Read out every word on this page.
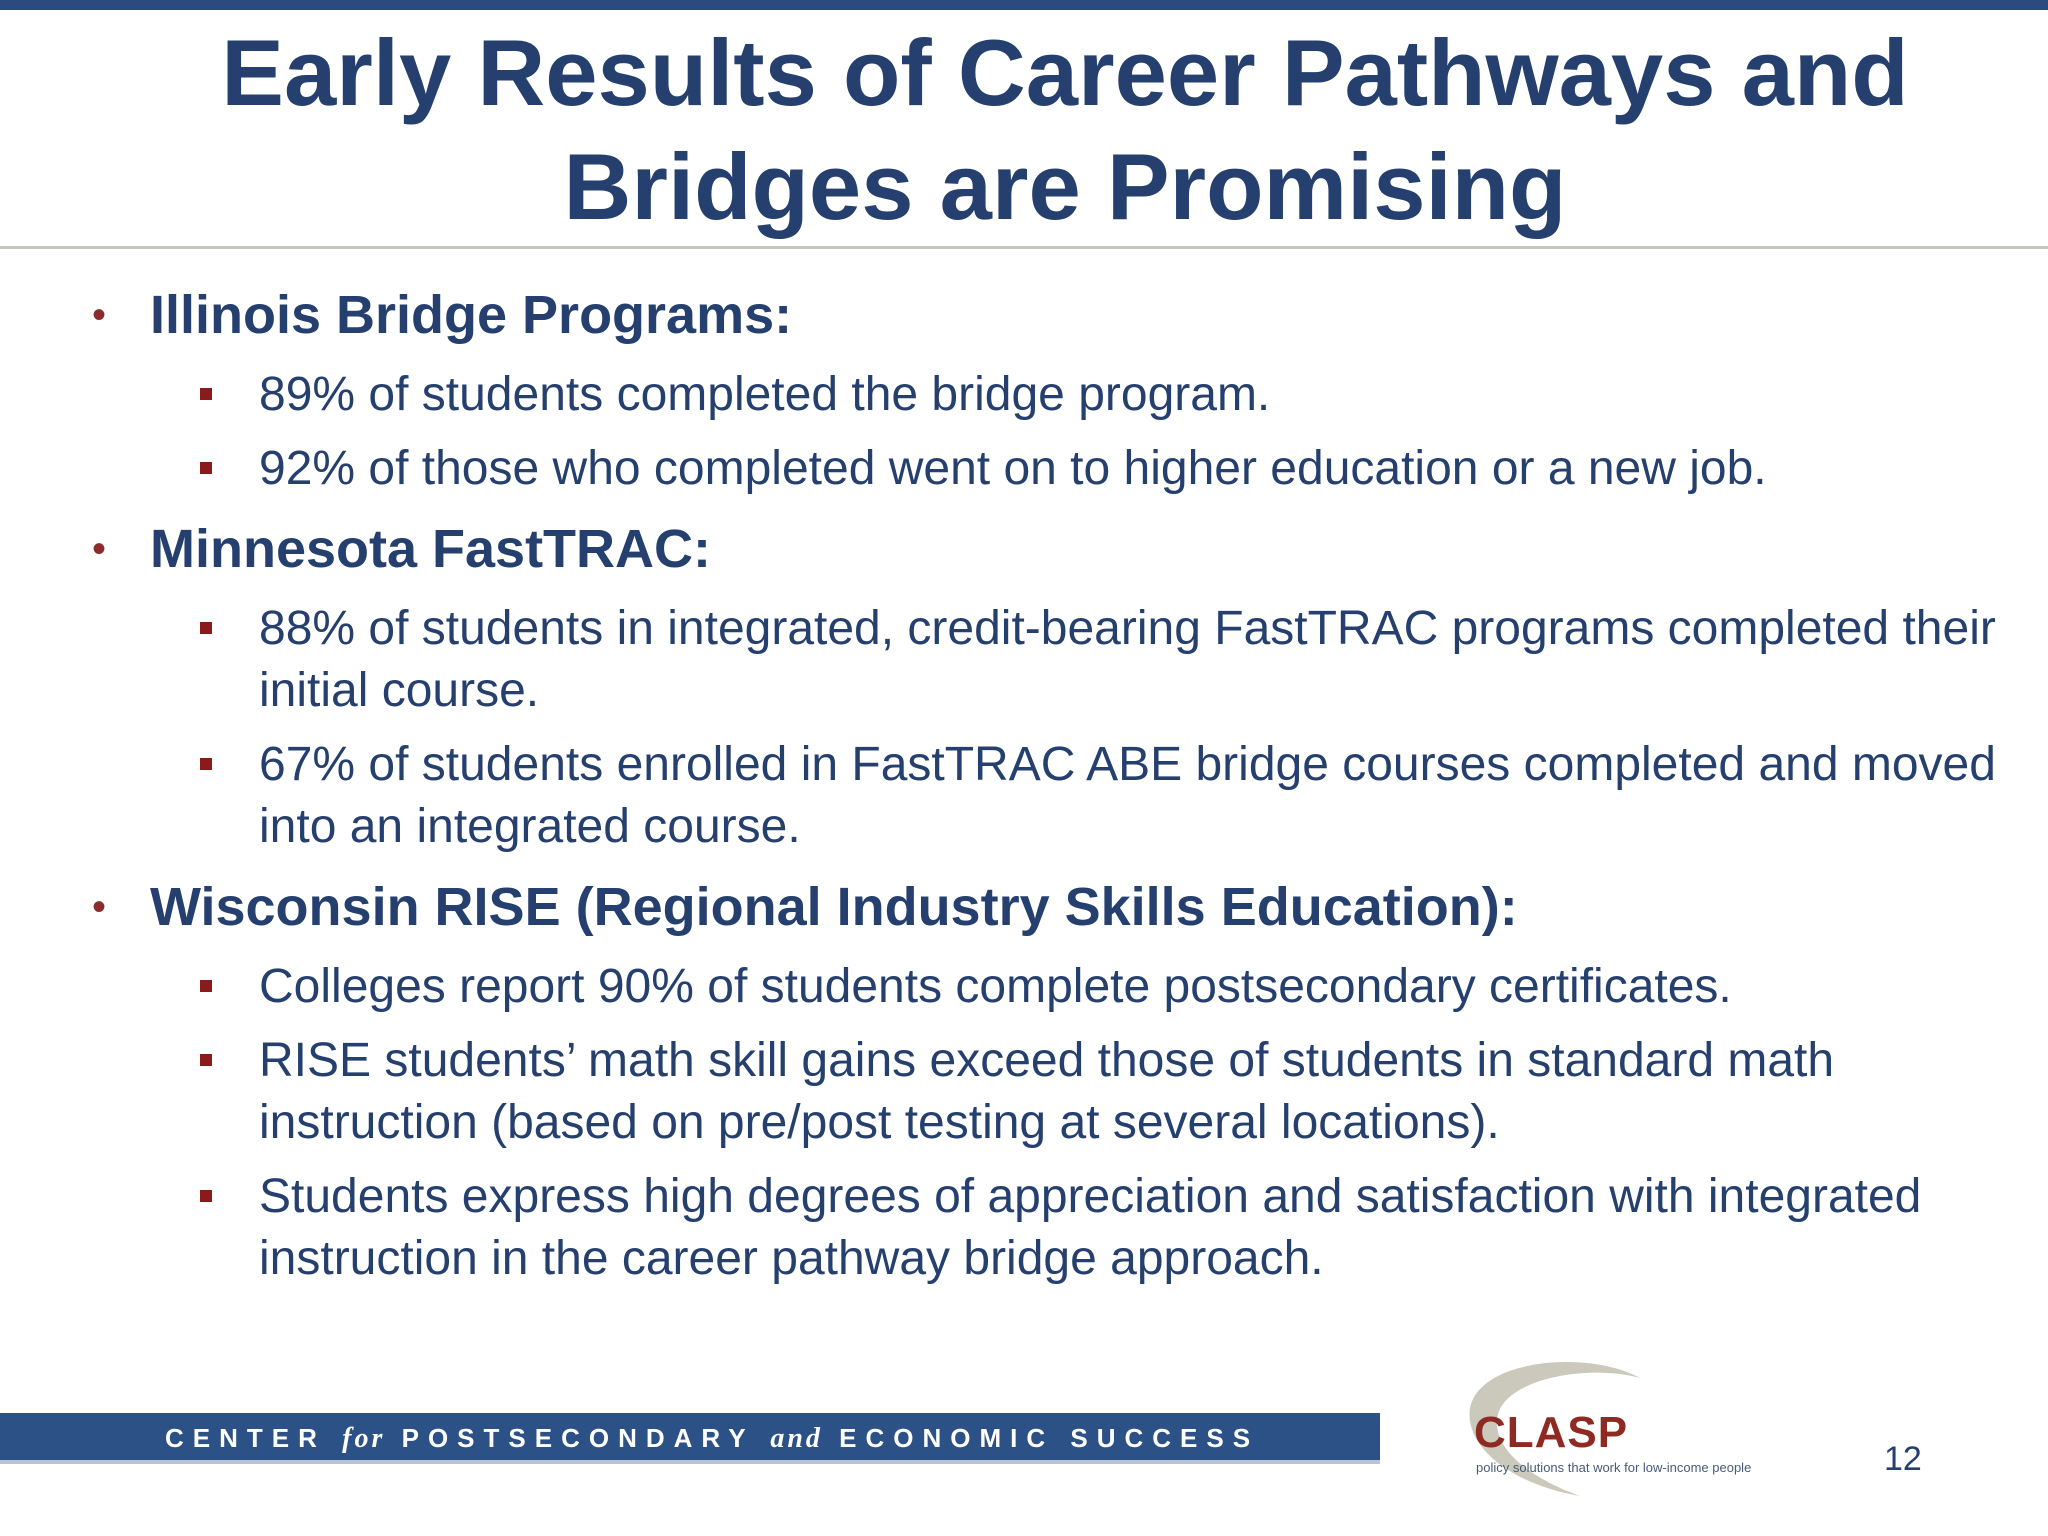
Early Results of Career Pathways and
Bridges are Promising
• Illinois Bridge Programs:
89% of students completed the bridge program.
92% of those who completed went on to higher education or a new job.
• Minnesota FastTRAC:
88% of students in integrated, credit-bearing FastTRAC programs completed their initial course.
67% of students enrolled in FastTRAC ABE bridge courses completed and moved into an integrated course.
• Wisconsin RISE (Regional Industry Skills Education):
Colleges report 90% of students complete postsecondary certificates.
RISE students’ math skill gains exceed those of students in standard math instruction (based on pre/post testing at several locations).
Students express high degrees of appreciation and satisfaction with integrated instruction in the career pathway bridge approach.
CENTER for POSTSECONDARY and ECONOMIC SUCCESS	CLASP
policy solutions that work for low-income people	12
